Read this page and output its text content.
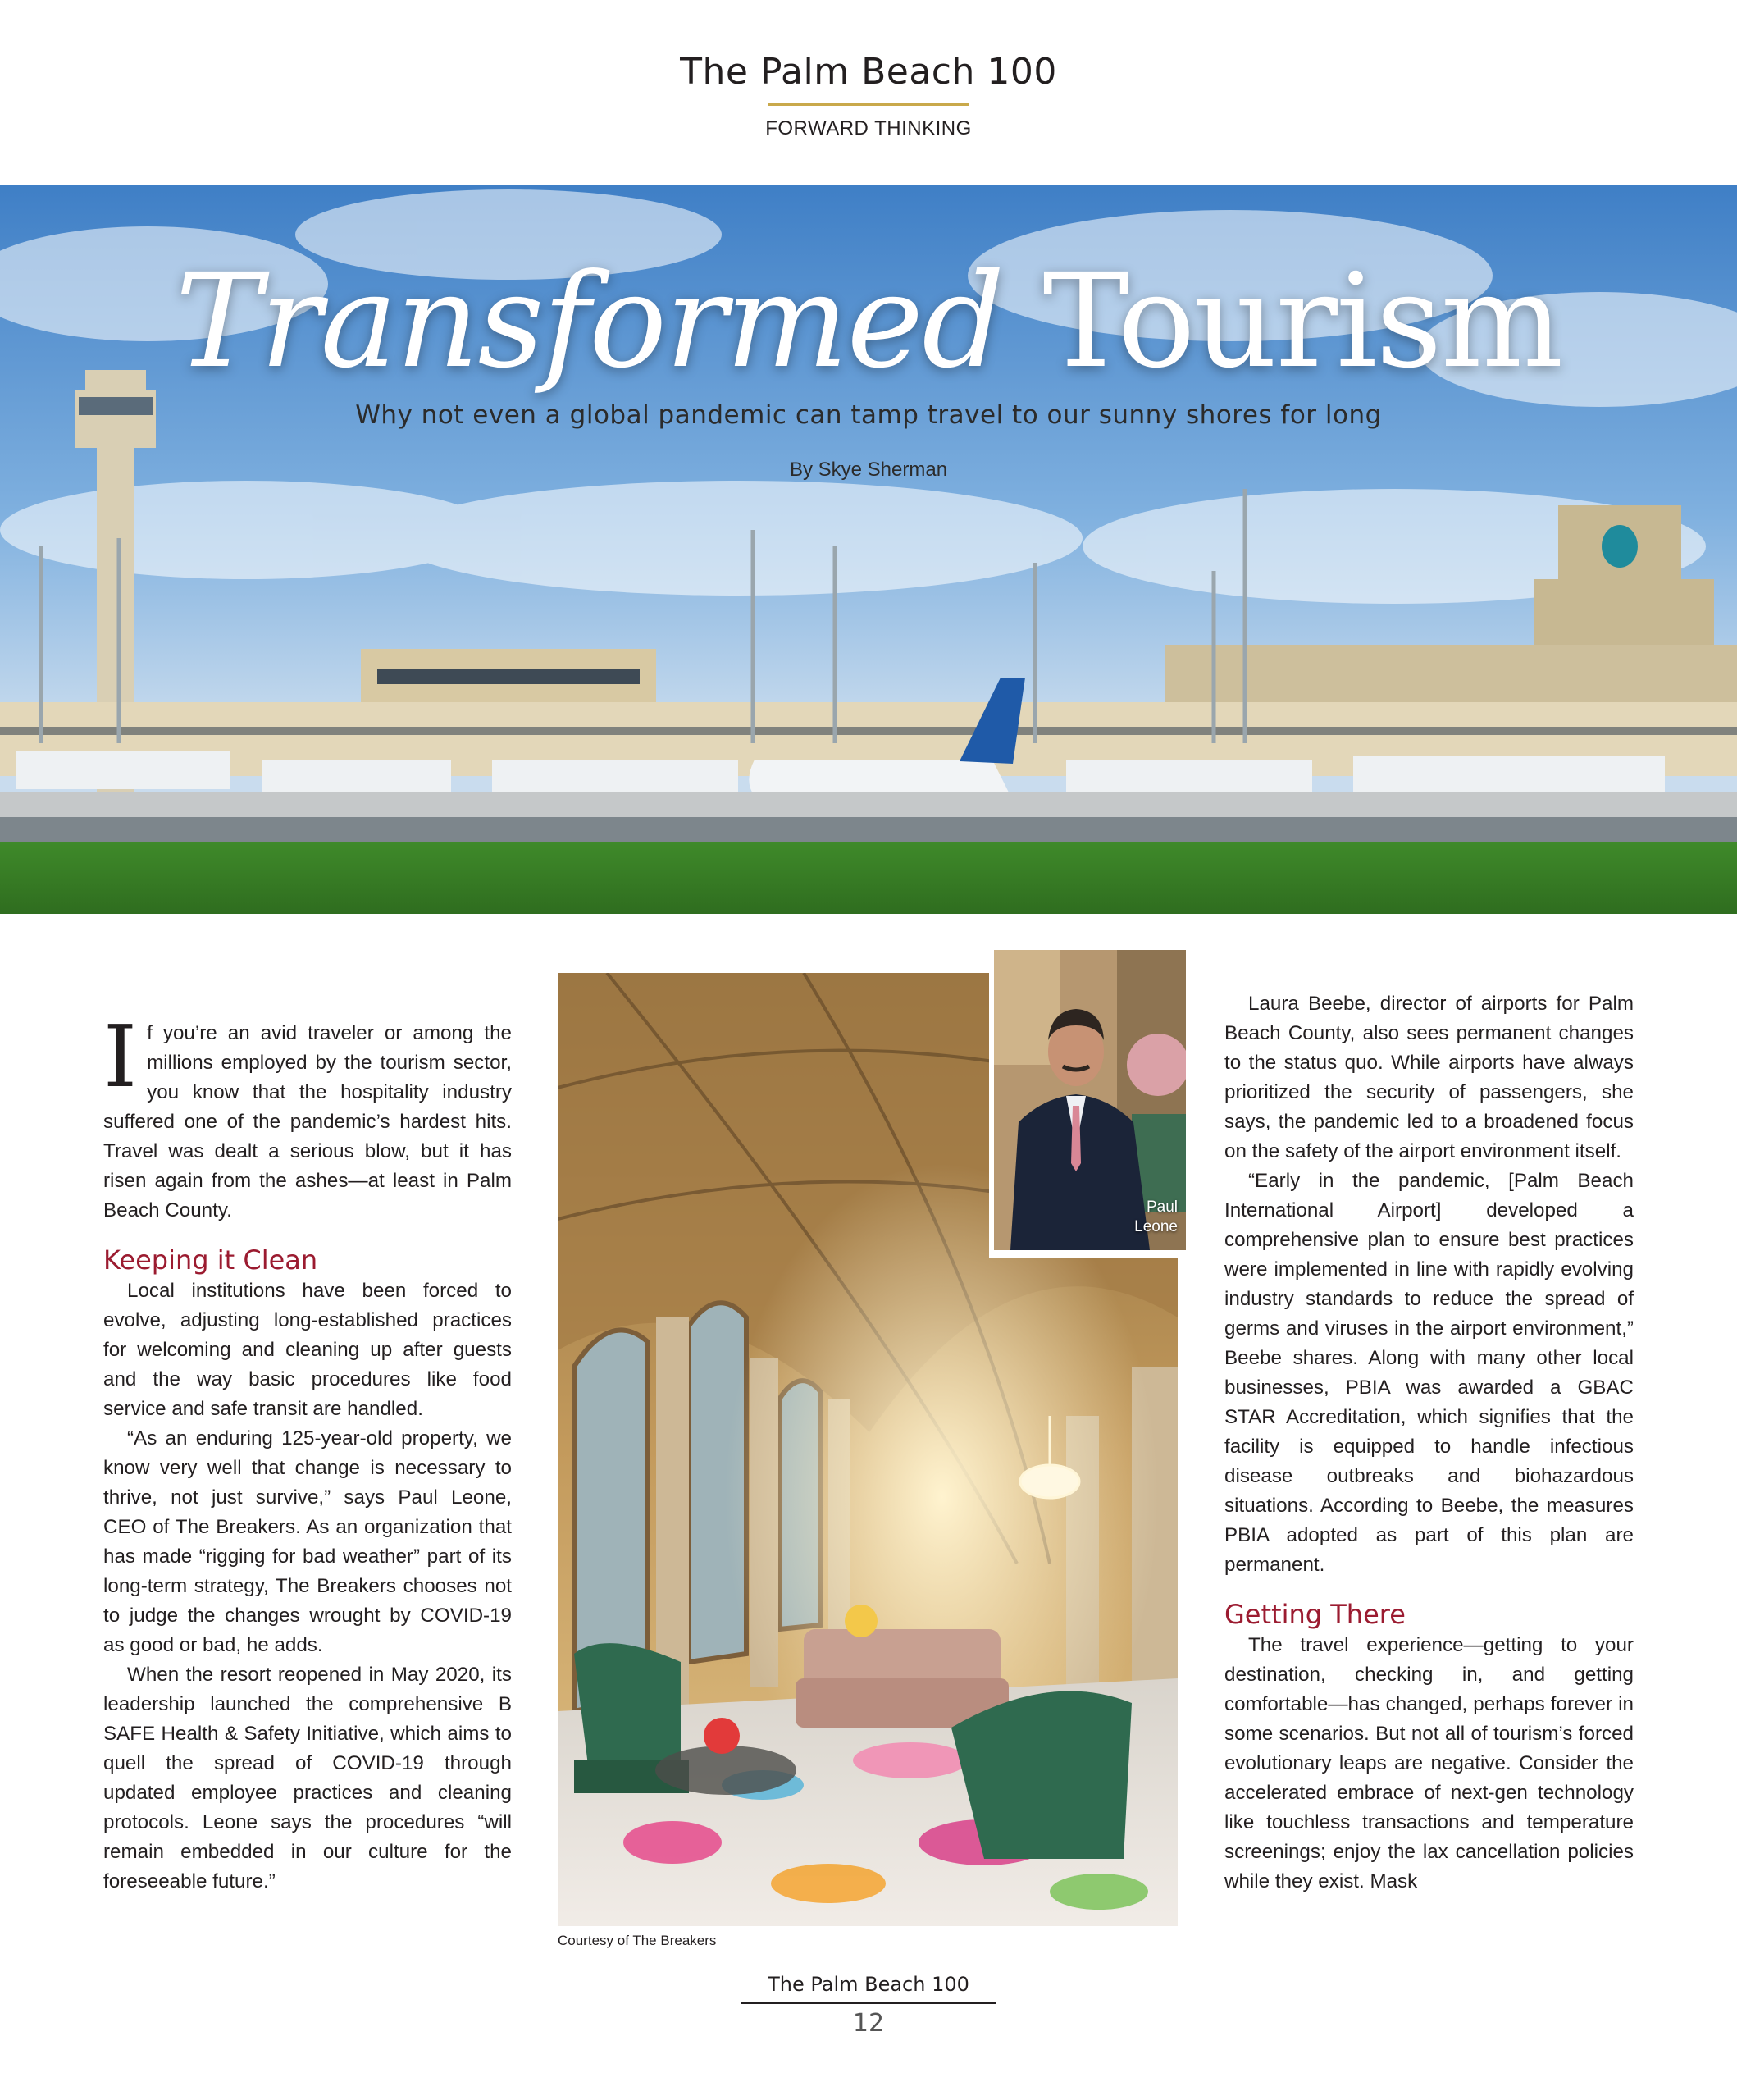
The Palm Beach 100
FORWARD THINKING
Transformed Tourism
Why not even a global pandemic can tamp travel to our sunny shores for long
By Skye Sherman

If you’re an avid traveler or among the millions employed by the tourism sector, you know that the hospitality industry suffered one of the pandemic’s hardest hits. Travel was dealt a serious blow, but it has risen again from the ashes—at least in Palm Beach County.

Keeping it Clean

Local institutions have been forced to evolve, adjusting long-established practices for welcoming and cleaning up after guests and the way basic procedures like food service and safe transit are handled.

“As an enduring 125-year-old property, we know very well that change is necessary to thrive, not just survive,” says Paul Leone, CEO of The Breakers. As an organization that has made “rigging for bad weather” part of its long-term strategy, The Breakers chooses not to judge the changes wrought by COVID-19 as good or bad, he adds.

When the resort reopened in May 2020, its leadership launched the comprehensive B SAFE Health & Safety Initiative, which aims to quell the spread of COVID-19 through updated employee practices and cleaning protocols. Leone says the procedures “will remain embedded in our culture for the foreseeable future.”

Courtesy of The Breakers
Paul
Leone

Laura Beebe, director of airports for Palm Beach County, also sees permanent changes to the status quo. While airports have always prioritized the security of passengers, she says, the pandemic led to a broadened focus on the safety of the airport environment itself.

“Early in the pandemic, [Palm Beach International Airport] developed a comprehensive plan to ensure best practices were implemented in line with rapidly evolving industry standards to reduce the spread of germs and viruses in the airport environment,” Beebe shares. Along with many other local businesses, PBIA was awarded a GBAC STAR Accreditation, which signifies that the facility is equipped to handle infectious disease outbreaks and biohazardous situations. According to Beebe, the measures PBIA adopted as part of this plan are permanent.

Getting There

The travel experience—getting to your destination, checking in, and getting comfortable—has changed, perhaps forever in some scenarios. But not all of tourism’s forced evolutionary leaps are negative. Consider the accelerated embrace of next-gen technology like touchless transactions and temperature screenings; enjoy the lax cancellation policies while they exist. Mask

The Palm Beach 100
12
